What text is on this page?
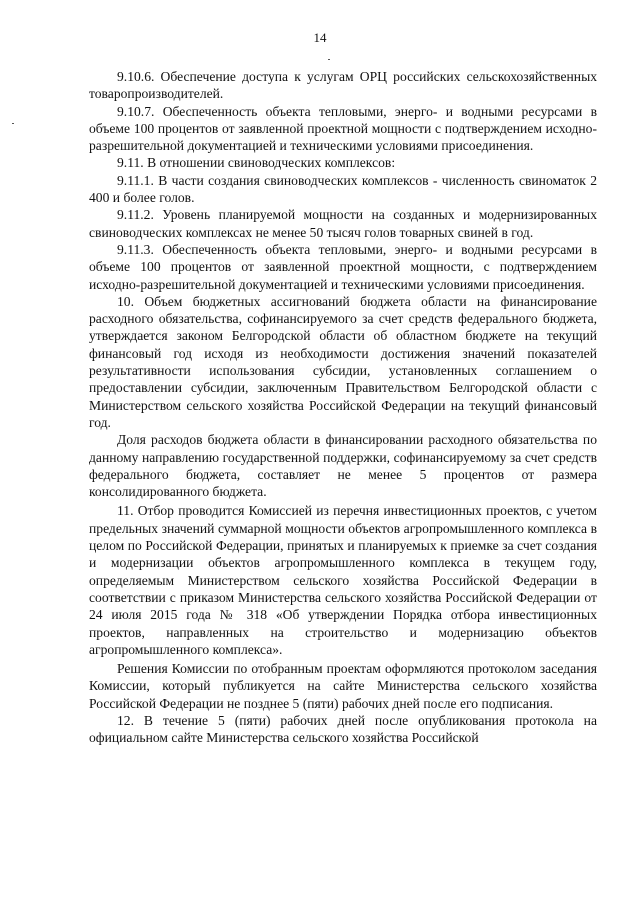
14

9.10.6. Обеспечение доступа к услугам ОРЦ российских сельскохозяйственных товаропроизводителей.

9.10.7. Обеспеченность объекта тепловыми, энерго- и водными ресурсами в объеме 100 процентов от заявленной проектной мощности с подтверждением исходно-разрешительной документацией и техническими условиями присоединения.

9.11. В отношении свиноводческих комплексов:

9.11.1. В части создания свиноводческих комплексов - численность свиноматок 2 400 и более голов.

9.11.2. Уровень планируемой мощности на созданных и модернизированных свиноводческих комплексах не менее 50 тысяч голов товарных свиней в год.

9.11.3. Обеспеченность объекта тепловыми, энерго- и водными ресурсами в объеме 100 процентов от заявленной проектной мощности, с подтверждением исходно-разрешительной документацией и техническими условиями присоединения.

10. Объем бюджетных ассигнований бюджета области на финансирование расходного обязательства, софинансируемого за счет средств федерального бюджета, утверждается законом Белгородской области об областном бюджете на текущий финансовый год исходя из необходимости достижения значений показателей результативности использования субсидии, установленных соглашением о предоставлении субсидии, заключенным Правительством Белгородской области с Министерством сельского хозяйства Российской Федерации на текущий финансовый год.

Доля расходов бюджета области в финансировании расходного обязательства по данному направлению государственной поддержки, софинансируемому за счет средств федерального бюджета, составляет не менее 5 процентов от размера консолидированного бюджета.

11. Отбор проводится Комиссией из перечня инвестиционных проектов, с учетом предельных значений суммарной мощности объектов агропромышленного комплекса в целом по Российской Федерации, принятых и планируемых к приемке за счет создания и модернизации объектов агропромышленного комплекса в текущем году, определяемым Министерством сельского хозяйства Российской Федерации в соответствии с приказом Министерства сельского хозяйства Российской Федерации от 24 июля 2015 года № 318 «Об утверждении Порядка отбора инвестиционных проектов, направленных на строительство и модернизацию объектов агропромышленного комплекса».

Решения Комиссии по отобранным проектам оформляются протоколом заседания Комиссии, который публикуется на сайте Министерства сельского хозяйства Российской Федерации не позднее 5 (пяти) рабочих дней после его подписания.

12. В течение 5 (пяти) рабочих дней после опубликования протокола на официальном сайте Министерства сельского хозяйства Российской
